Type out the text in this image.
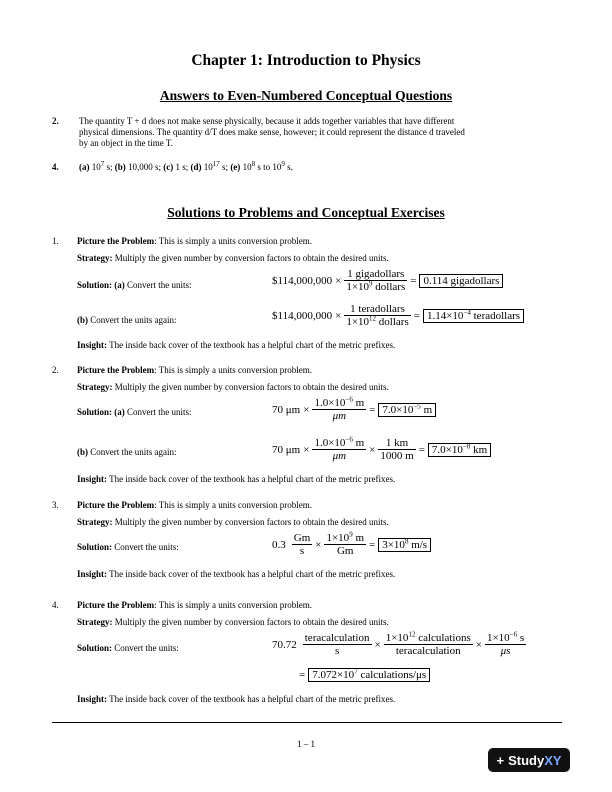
Chapter 1: Introduction to Physics
Answers to Even-Numbered Conceptual Questions
2. The quantity T + d does not make sense physically, because it adds together variables that have different
physical dimensions. The quantity d/T does make sense, however; it could represent the distance d traveled
by an object in the time T.
4. (a) $10^7$ s; (b) 10,000 s; (c) 1 s; (d) $10^{17}$ s; (e) $10^8$ s to $10^9$ s.
Solutions to Problems and Conceptual Exercises
1. Picture the Problem: This is simply a units conversion problem.
Strategy: Multiply the given number by conversion factors to obtain the desired units.
Solution: (a) Convert the units:	$114,000,000 × $\frac{\text{1 gigadollars}}{1\times 10^9 dollars} = 0.114$ gigadollars
(b) Convert the units again:	$114,000,000 × $\frac{\text{1 teradollars}}{1\times 10^{12} dollars} = 1.14\times 10^{-4}$ teradollars
Insight: The inside back cover of the textbook has a helpful chart of the metric prefixes.
2. Picture the Problem: This is simply a units conversion problem.
Strategy: Multiply the given number by conversion factors to obtain the desired units.
Solution: (a) Convert the units:	70 $\mu m \times \frac{1.0\times 10^{-6} m}{\mu m} = 7.0\times 10^{-5}$ m
(b) Convert the units again:	70 $\mu m \times \frac{1.0\times 10^{-6} m}{\mu m} \times \frac{1 km}{1000 m} = 7.0\times 10^{-8}$ km
Insight: The inside back cover of the textbook has a helpful chart of the metric prefixes.
3. Picture the Problem: This is simply a units conversion problem.
Strategy: Multiply the given number by conversion factors to obtain the desired units.
Solution: Convert the units:	$0.3 \frac{Gm}{s} \times \frac{1\times 10^9 m}{Gm} = 3\times 10^8$ m/s
Insight: The inside back cover of the textbook has a helpful chart of the metric prefixes.
4. Picture the Problem: This is simply a units conversion problem.
Strategy: Multiply the given number by conversion factors to obtain the desired units.
Solution: Convert the units:	$70.72 \frac{\text{teracalculation}}{s} \times \frac{1\times 10^{12} calculations}{\text{teracalculation}} \times \frac{1\times 10^{-6} s}{\mu s}$
= $7.072\times 10^7$ calculations/μs
Insight: The inside back cover of the textbook has a helpful chart of the metric prefixes.
1 – 1
+ StudyXY
